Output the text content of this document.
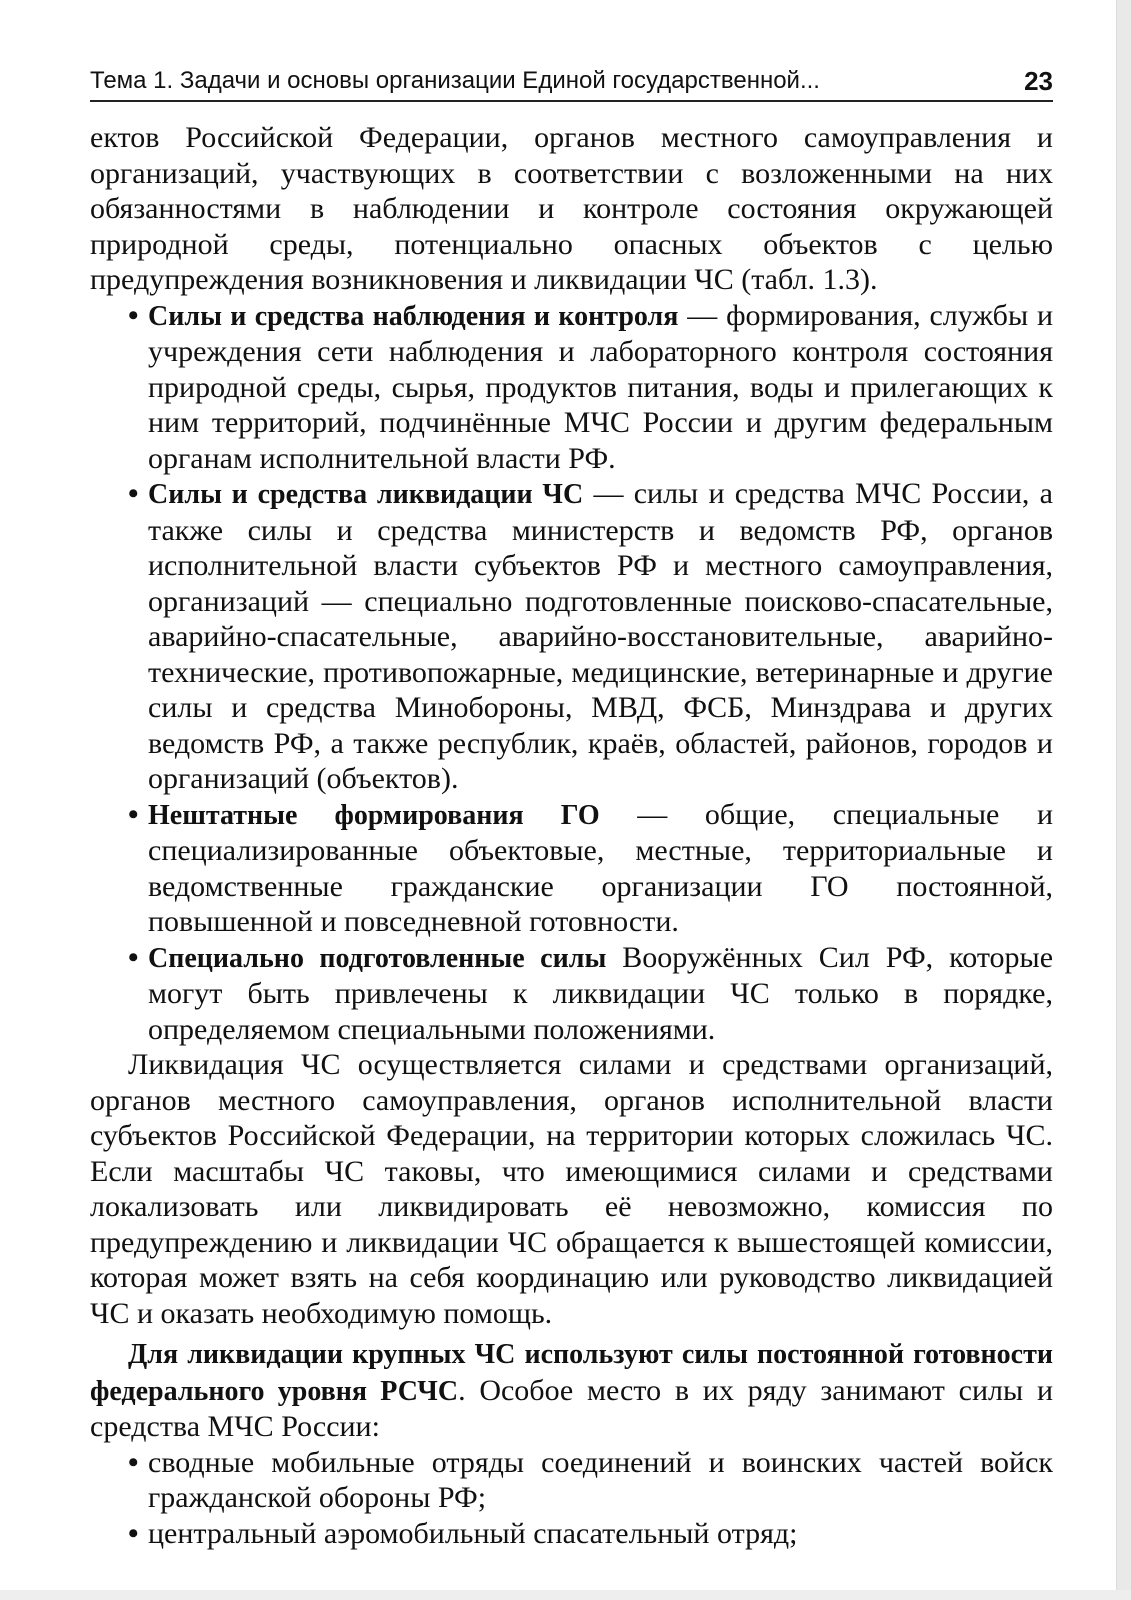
Тема 1. Задачи и основы организации Единой государственной...	23

ектов Российской Федерации, органов местного самоуправления и организаций, участвующих в соответствии с возложенными на них обязанностями в наблюдении и контроле состояния окружающей природной среды, потенциально опасных объектов с целью предупреждения возникновения и ликвидации ЧС (табл. 1.3).

• Силы и средства наблюдения и контроля — формирования, службы и учреждения сети наблюдения и лабораторного контроля состояния природной среды, сырья, продуктов питания, воды и прилегающих к ним территорий, подчинённые МЧС России и другим федеральным органам исполнительной власти РФ.
• Силы и средства ликвидации ЧС — силы и средства МЧС России, а также силы и средства министерств и ведомств РФ, органов исполнительной власти субъектов РФ и местного самоуправления, организаций — специально подготовленные поисково-спасательные, аварийно-спасательные, аварийно-восстановительные, аварийно-технические, противопожарные, медицинские, ветеринарные и другие силы и средства Минобороны, МВД, ФСБ, Минздрава и других ведомств РФ, а также республик, краёв, областей, районов, городов и организаций (объектов).
• Нештатные формирования ГО — общие, специальные и специализированные объектовые, местные, территориальные и ведомственные гражданские организации ГО постоянной, повышенной и повседневной готовности.
• Специально подготовленные силы Вооружённых Сил РФ, которые могут быть привлечены к ликвидации ЧС только в порядке, определяемом специальными положениями.

Ликвидация ЧС осуществляется силами и средствами организаций, органов местного самоуправления, органов исполнительной власти субъектов Российской Федерации, на территории которых сложилась ЧС. Если масштабы ЧС таковы, что имеющимися силами и средствами локализовать или ликвидировать её невозможно, комиссия по предупреждению и ликвидации ЧС обращается к вышестоящей комиссии, которая может взять на себя координацию или руководство ликвидацией ЧС и оказать необходимую помощь.

Для ликвидации крупных ЧС используют силы постоянной готовности федерального уровня РСЧС. Особое место в их ряду занимают силы и средства МЧС России:

• сводные мобильные отряды соединений и воинских частей войск гражданской обороны РФ;
• центральный аэромобильный спасательный отряд;
